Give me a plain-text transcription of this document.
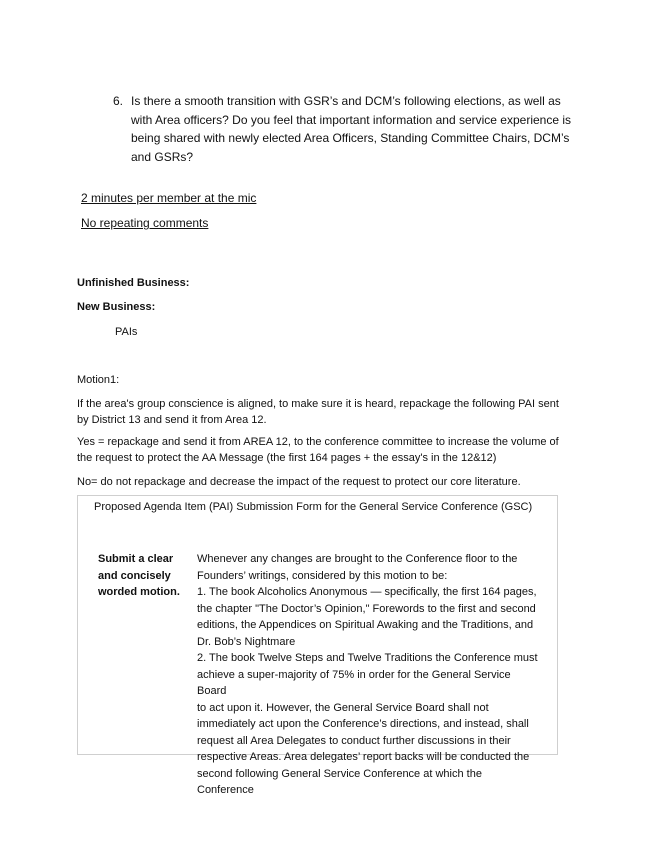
6. Is there a smooth transition with GSR’s and DCM’s following elections, as well as with Area officers? Do you feel that important information and service experience is being shared with newly elected Area Officers, Standing Committee Chairs, DCM’s and GSRs?
2 minutes per member at the mic
No repeating comments
Unfinished Business:
New Business:
PAIs
Motion1:
If the area's group conscience is aligned, to make sure it is heard, repackage the following PAI sent by District 13 and send it from Area 12.
Yes = repackage and send it from AREA 12, to the conference committee to increase the volume of the request to protect the AA Message (the first 164 pages + the essay's in the 12&12)
No= do not repackage and decrease the impact of the request to protect our core literature.
Proposed Agenda Item (PAI) Submission Form for the General Service Conference (GSC)
Submit a clear and concisely worded motion.
Whenever any changes are brought to the Conference floor to the
Founders’ writings, considered by this motion to be:
1. The book Alcoholics Anonymous — specifically, the first 164 pages,
the chapter "The Doctor’s Opinion," Forewords to the first and second
editions, the Appendices on Spiritual Awaking and the Traditions, and
Dr. Bob’s Nightmare
2. The book Twelve Steps and Twelve Traditions the Conference must
achieve a super-majority of 75% in order for the General Service Board
to act upon it. However, the General Service Board shall not
immediately act upon the Conference’s directions, and instead, shall
request all Area Delegates to conduct further discussions in their
respective Areas. Area delegates’ report backs will be conducted the
second following General Service Conference at which the Conference
